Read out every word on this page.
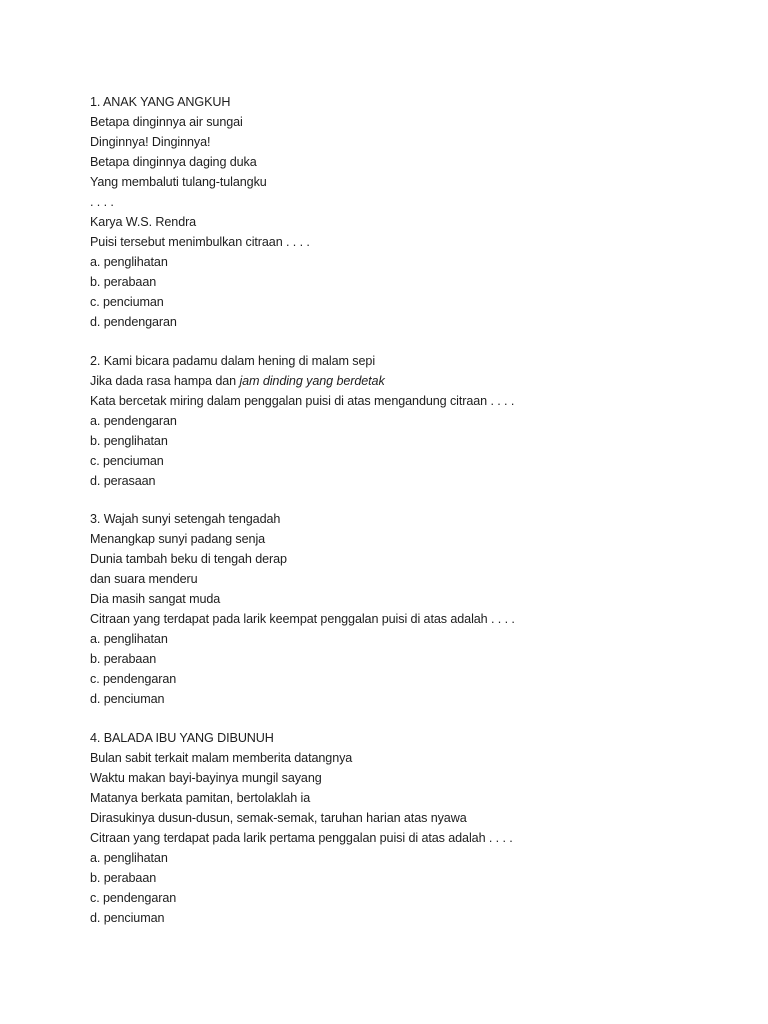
1. ANAK YANG ANGKUH
Betapa dinginnya air sungai
Dinginnya! Dinginnya!
Betapa dinginnya daging duka
Yang membaluti tulang-tulangku
. . . .
Karya W.S. Rendra
Puisi tersebut menimbulkan citraan . . . .
a. penglihatan
b. perabaan
c. penciuman
d. pendengaran
2. Kami bicara padamu dalam hening di malam sepi
Jika dada rasa hampa dan jam dinding yang berdetak
Kata bercetak miring dalam penggalan puisi di atas mengandung citraan . . . .
a. pendengaran
b. penglihatan
c. penciuman
d. perasaan
3. Wajah sunyi setengah tengadah
Menangkap sunyi padang senja
Dunia tambah beku di tengah derap
dan suara menderu
Dia masih sangat muda
Citraan yang terdapat pada larik keempat penggalan puisi di atas adalah . . . .
a. penglihatan
b. perabaan
c. pendengaran
d. penciuman
4. BALADA IBU YANG DIBUNUH
Bulan sabit terkait malam memberita datangnya
Waktu makan bayi-bayinya mungil sayang
Matanya berkata pamitan, bertolaklah ia
Dirasukinya dusun-dusun, semak-semak, taruhan harian atas nyawa
Citraan yang terdapat pada larik pertama penggalan puisi di atas adalah . . . .
a. penglihatan
b. perabaan
c. pendengaran
d. penciuman
